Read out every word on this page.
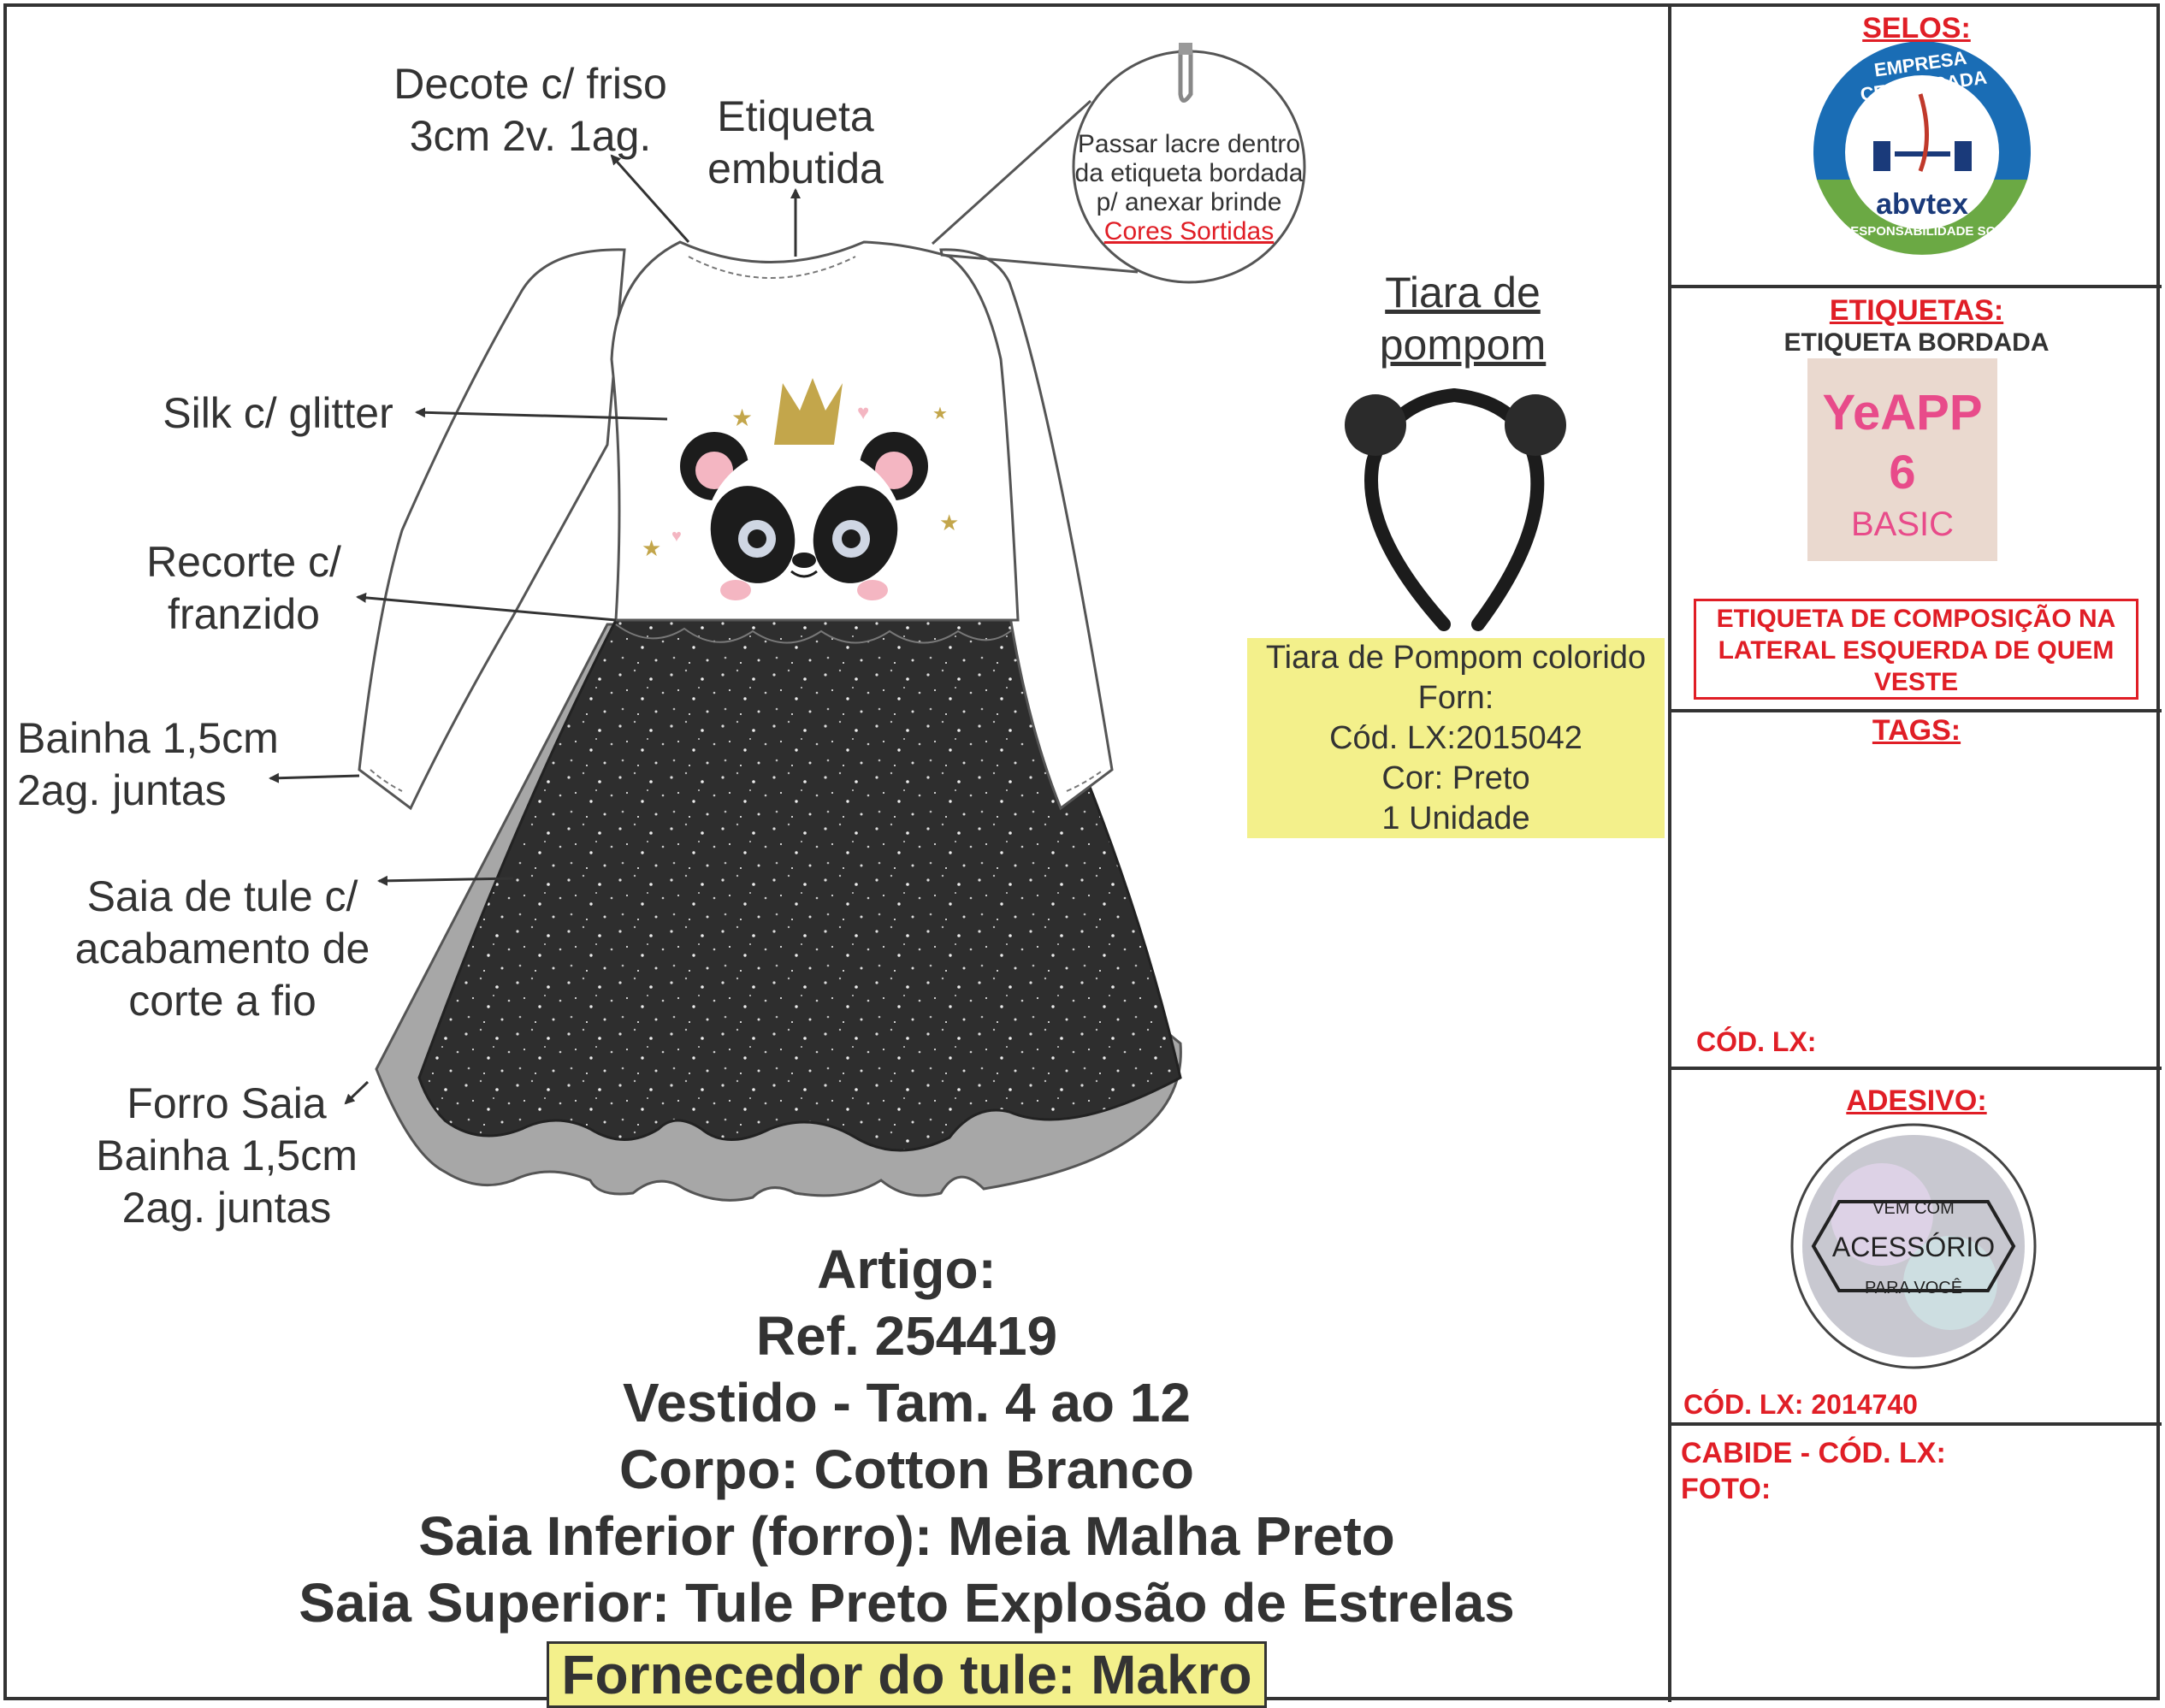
★	★
★
★
♥
♥
Decote c/ friso
3cm 2v. 1ag.	Etiqueta
embutida
Passar lacre dentro
da etiqueta bordada
p/ anexar brinde
Cores Sortidas
Silk c/ glitter
Recorte c/
franzido
Bainha 1,5cm
2ag. juntas
Saia de tule c/
acabamento de
corte a fio
Forro Saia
Bainha 1,5cm
2ag. juntas
Tiara de
pompom
Tiara de Pompom colorido
Forn:
Cód. LX:2015042
Cor: Preto
1 Unidade
Artigo:
Ref. 254419
Vestido - Tam. 4 ao 12
Corpo: Cotton Branco
Saia Inferior (forro): Meia Malha Preto
Saia Superior: Tule Preto Explosão de Estrelas
Fornecedor do tule: Makro
SELOS:
EMPRESA CERTIFICADA
abvtex
EM RESPONSABILIDADE SOCIAL
ETIQUETAS:
ETIQUETA BORDADA
YeAPP
6
BASIC
ETIQUETA DE COMPOSIÇÃO NA
LATERAL ESQUERDA DE QUEM
VESTE
TAGS:
CÓD. LX:
ADESIVO:
VEM COM
ACESSÓRIO
PARA VOCÊ
CÓD. LX: 2014740
CABIDE - CÓD. LX:
FOTO:
